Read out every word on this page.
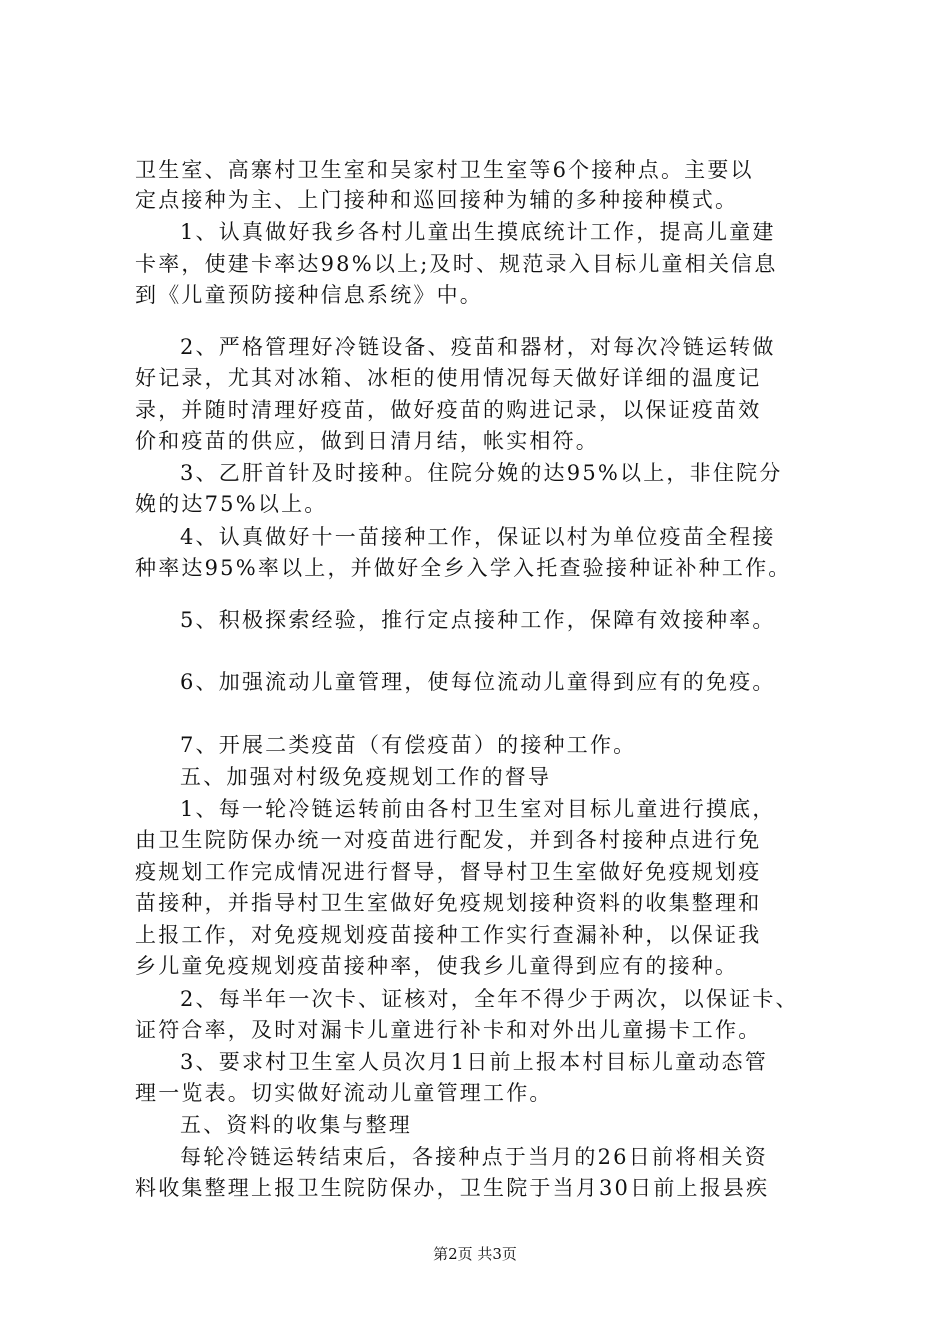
卫生室、高寨村卫生室和吴家村卫生室等6个接种点。主要以
定点接种为主、上门接种和巡回接种为辅的多种接种模式。
1、认真做好我乡各村儿童出生摸底统计工作，提高儿童建
卡率，使建卡率达98%以上;及时、规范录入目标儿童相关信息
到《儿童预防接种信息系统》中。
2、严格管理好冷链设备、疫苗和器材，对每次冷链运转做
好记录，尤其对冰箱、冰柜的使用情况每天做好详细的温度记
录，并随时清理好疫苗，做好疫苗的购进记录，以保证疫苗效
价和疫苗的供应，做到日清月结，帐实相符。
3、乙肝首针及时接种。住院分娩的达95%以上，非住院分
娩的达75%以上。
4、认真做好十一苗接种工作，保证以村为单位疫苗全程接
种率达95%率以上，并做好全乡入学入托查验接种证补种工作。
5、积极探索经验，推行定点接种工作，保障有效接种率。
6、加强流动儿童管理，使每位流动儿童得到应有的免疫。
7、开展二类疫苗（有偿疫苗）的接种工作。
五、加强对村级免疫规划工作的督导
1、每一轮冷链运转前由各村卫生室对目标儿童进行摸底，
由卫生院防保办统一对疫苗进行配发，并到各村接种点进行免
疫规划工作完成情况进行督导，督导村卫生室做好免疫规划疫
苗接种，并指导村卫生室做好免疫规划接种资料的收集整理和
上报工作，对免疫规划疫苗接种工作实行查漏补种，以保证我
乡儿童免疫规划疫苗接种率，使我乡儿童得到应有的接种。
2、每半年一次卡、证核对，全年不得少于两次，以保证卡、
证符合率，及时对漏卡儿童进行补卡和对外出儿童揚卡工作。
3、要求村卫生室人员次月1日前上报本村目标儿童动态管
理一览表。切实做好流动儿童管理工作。
五、资料的收集与整理
每轮冷链运转结束后，各接种点于当月的26日前将相关资
料收集整理上报卫生院防保办，卫生院于当月30日前上报县疾
第2页 共3页
